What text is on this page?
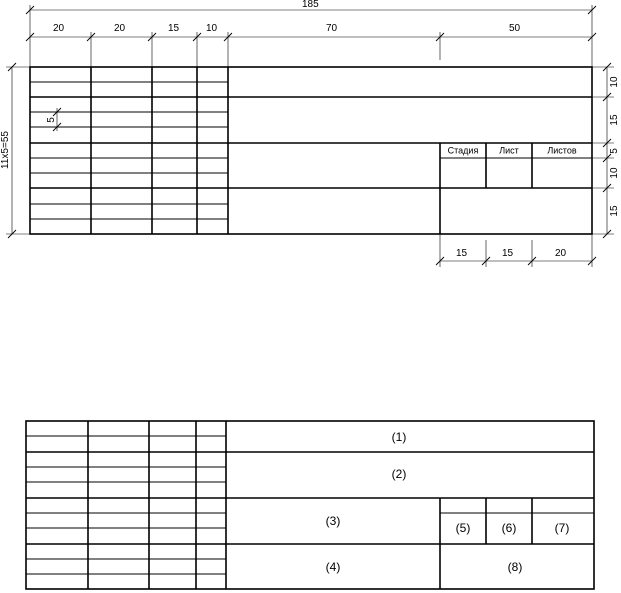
185
20	20	15	10	70	50
11x5=55
5
10
15
5
10
15
15	15	20
Стадия Лист	Листов
(1)
(2)
(3)
(4)
(5)	(6)	(7)
(8)
